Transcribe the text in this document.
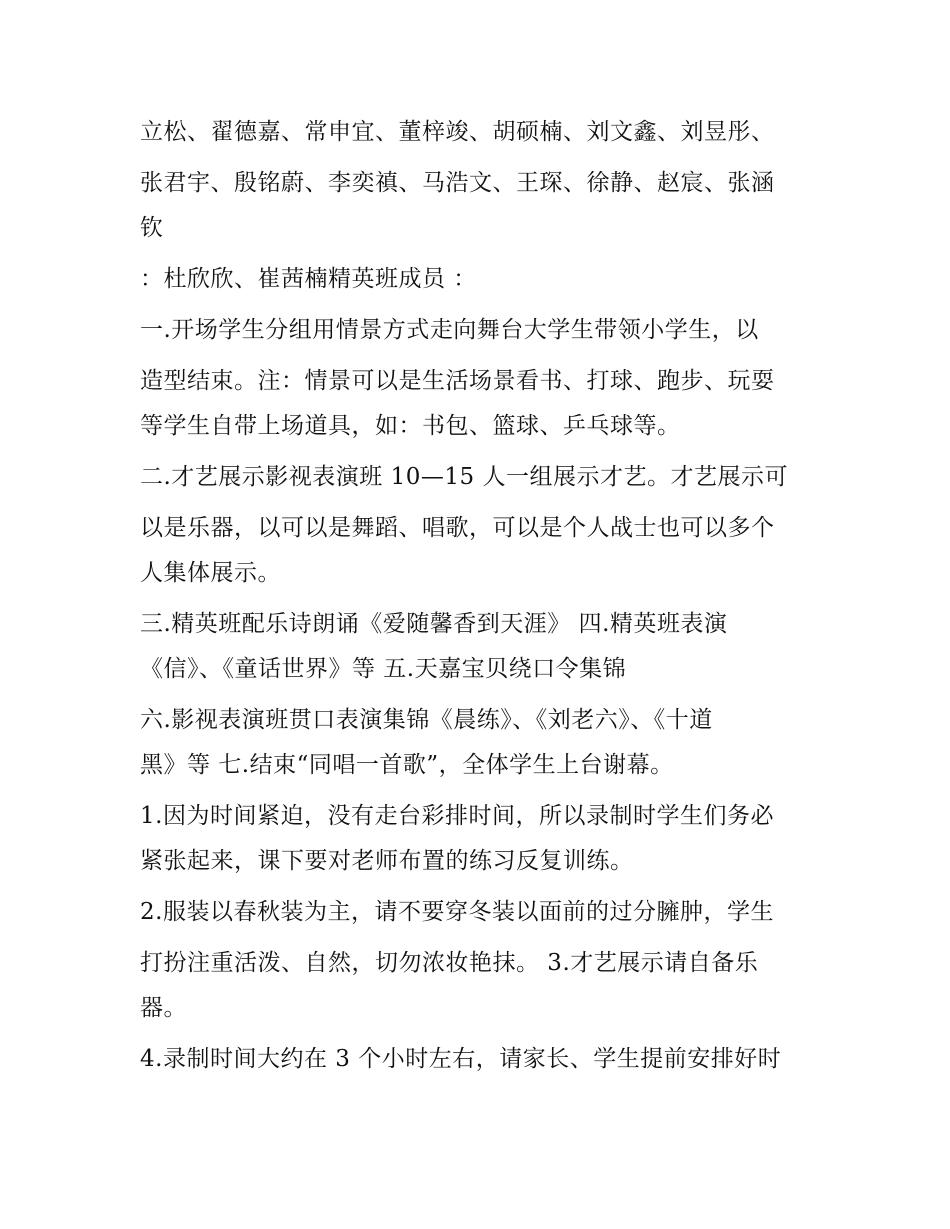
立松、翟德嘉、常申宜、董梓竣、胡硕楠、刘文鑫、刘昱彤、

张君宇、殷铭蔚、李奕禛、马浩文、王琛、徐静、赵宸、张涵

钦

：杜欣欣、崔茜楠精英班成员 ：

一.开场学生分组用情景方式走向舞台大学生带领小学生，以

造型结束。注：情景可以是生活场景看书、打球、跑步、玩耍

等学生自带上场道具，如：书包、篮球、乒乓球等。

二.才艺展示影视表演班 10—15 人一组展示才艺。才艺展示可

以是乐器，以可以是舞蹈、唱歌，可以是个人战士也可以多个

人集体展示。

三.精英班配乐诗朗诵《爱随馨香到天涯》 四.精英班表演

《信》、《童话世界》等 五.天嘉宝贝绕口令集锦

六.影视表演班贯口表演集锦《晨练》、《刘老六》、《十道

黑》等 七.结束“同唱一首歌”，全体学生上台谢幕。

1.因为时间紧迫，没有走台彩排时间，所以录制时学生们务必

紧张起来，课下要对老师布置的练习反复训练。

2.服装以春秋装为主，请不要穿冬装以面前的过分臃肿，学生

打扮注重活泼、自然，切勿浓妆艳抹。 3.才艺展示请自备乐

器。

4.录制时间大约在 3 个小时左右，请家长、学生提前安排好时
